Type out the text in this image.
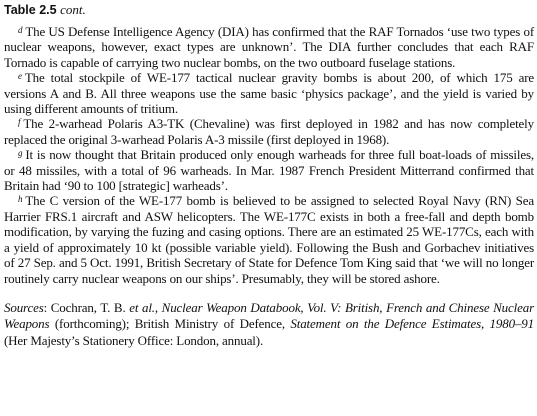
Table 2.5 cont.

$^d$ The US Defense Intelligence Agency (DIA) has confirmed that the RAF Tornados ‘use two types of nuclear weapons, however, exact types are unknown’. The DIA further concludes that each RAF Tornado is capable of carrying two nuclear bombs, on the two outboard fuselage stations.

$^e$ The total stockpile of WE-177 tactical nuclear gravity bombs is about 200, of which 175 are versions A and B. All three weapons use the same basic ‘physics package’, and the yield is varied by using different amounts of tritium.

$^f$ The 2-warhead Polaris A3-TK (Chevaline) was first deployed in 1982 and has now completely replaced the original 3-warhead Polaris A-3 missile (first deployed in 1968).

$^g$ It is now thought that Britain produced only enough warheads for three full boat-loads of missiles, or 48 missiles, with a total of 96 warheads. In Mar. 1987 French President Mitterrand confirmed that Britain had ‘90 to 100 [strategic] warheads’.

$^h$ The C version of the WE-177 bomb is believed to be assigned to selected Royal Navy (RN) Sea Harrier FRS.1 aircraft and ASW helicopters. The WE-177C exists in both a free-fall and depth bomb modification, by varying the fuzing and casing options. There are an estimated 25 WE-177Cs, each with a yield of approximately 10 kt (possible variable yield). Following the Bush and Gorbachev initiatives of 27 Sep. and 5 Oct. 1991, British Secretary of State for Defence Tom King said that ‘we will no longer routinely carry nuclear weapons on our ships’. Presumably, they will be stored ashore.

Sources: Cochran, T. B. et al., Nuclear Weapon Databook, Vol. V: British, French and Chinese Nuclear Weapons (forthcoming); British Ministry of Defence, Statement on the Defence Estimates, 1980–91 (Her Majesty’s Stationery Office: London, annual).
